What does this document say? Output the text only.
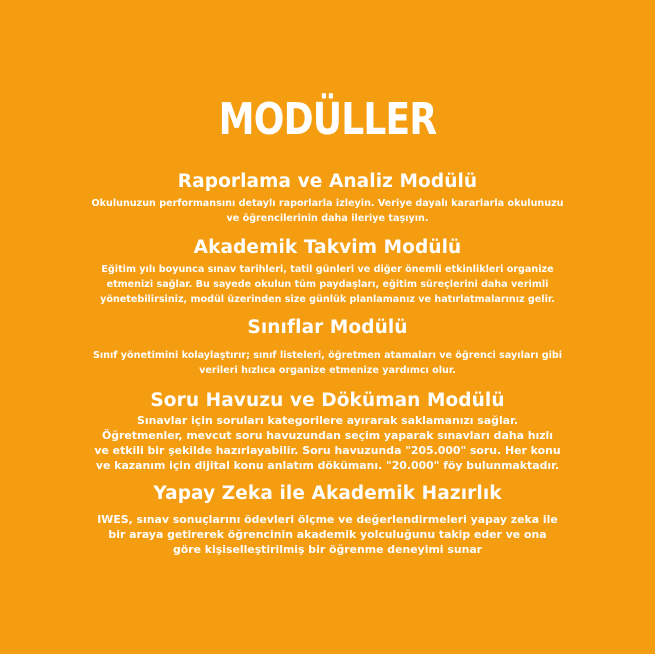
MODÜLLER
Raporlama ve Analiz Modülü

Okulunuzun performansını detaylı raporlarla izleyin. Veriye dayalı kararlarla okulunuzu
ve öğrencilerinin daha ileriye taşıyın.

Akademik Takvim Modülü

Eğitim yılı boyunca sınav tarihleri, tatil günleri ve diğer önemli etkinlikleri organize
etmenizi sağlar. Bu sayede okulun tüm paydaşları, eğitim süreçlerini daha verimli
yönetebilirsiniz, modül üzerinden size günlük planlamanız ve hatırlatmalarınız gelir.

Sınıflar Modülü

Sınıf yönetimini kolaylaştırır; sınıf listeleri, öğretmen atamaları ve öğrenci sayıları gibi
verileri hızlıca organize etmenize yardımcı olur.

Soru Havuzu ve Döküman Modülü

Sınavlar için soruları kategorilere ayırarak saklamanızı sağlar.
Öğretmenler, mevcut soru havuzundan seçim yaparak sınavları daha hızlı
ve etkili bir şekilde hazırlayabilir. Soru havuzunda "205.000" soru. Her konu
ve kazanım için dijital konu anlatım dökümanı. "20.000" föy bulunmaktadır.

Yapay Zeka ile Akademik Hazırlık

IWES, sınav sonuçlarını ödevleri ölçme ve değerlendirmeleri yapay zeka ile
bir araya getirerek öğrencinin akademik yolculuğunu takip eder ve ona
göre kişiselleştirilmiş bir öğrenme deneyimi sunar
